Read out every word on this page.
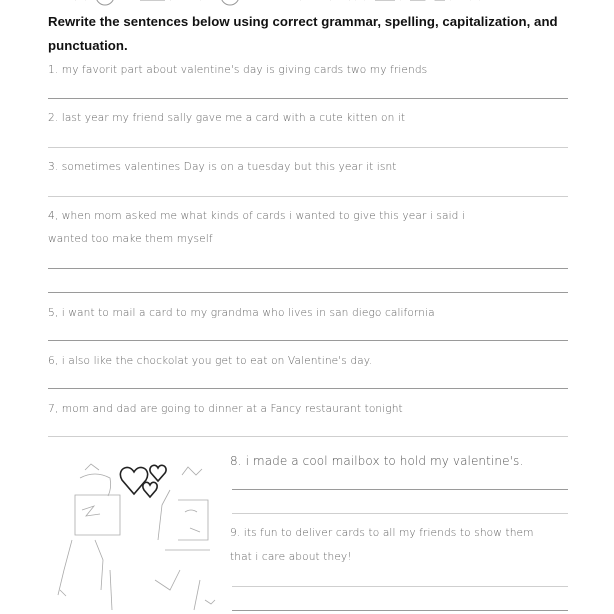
Rewrite the sentences below using correct grammar, spelling, capitalization, and punctuation.
1. my favorit part about valentine's day is giving cards two my friends
2. last year my friend sally gave me a card with a cute kitten on it
3. sometimes valentines Day is on a tuesday but this year it isnt
4, when mom asked me what kinds of cards i wanted to give this year i said i
wanted too make them myself
5, i want to mail a card to my grandma who lives in san diego california
6, i also like the chockolat you get to eat on Valentine's day.
7, mom and dad are going to dinner at a Fancy restaurant tonight
8. i made a cool mailbox to hold my valentine's.
9. its fun to deliver cards to all my friends to show them
that i care about they!
